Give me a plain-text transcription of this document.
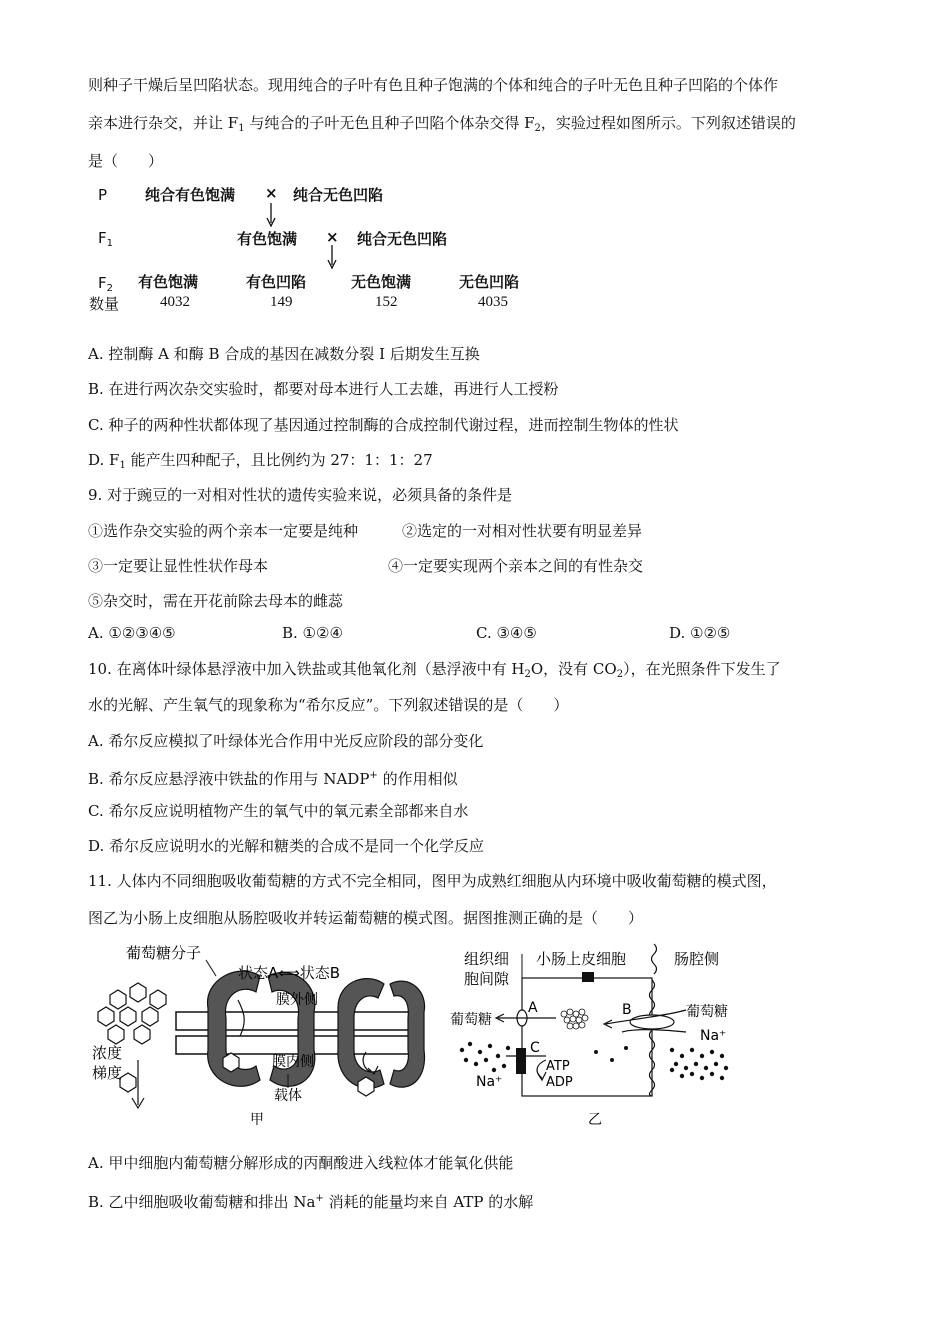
则种子干燥后呈凹陷状态。现用纯合的子叶有色且种子饱满的个体和纯合的子叶无色且种子凹陷的个体作
亲本进行杂交，并让 $F_1$ 与纯合的子叶无色且种子凹陷个体杂交得 $F_2$，实验过程如图所示。下列叙述错误的
是（　　）
P	纯合有色饱满 × 纯合无色凹陷
$F_1$	有色饱满 × 纯合无色凹陷
$F_2$
数量
有色饱满	有色凹陷	无色饱满	无色凹陷
4032	149	152	4035
A. 控制酶 A 和酶 B 合成的基因在减数分裂 I 后期发生互换
B. 在进行两次杂交实验时，都要对母本进行人工去雄，再进行人工授粉
C. 种子的两种性状都体现了基因通过控制酶的合成控制代谢过程，进而控制生物体的性状
D. $F_1$ 能产生四种配子，且比例约为 27：1：1：27
9. 对于豌豆的一对相对性状的遗传实验来说，必须具备的条件是
①选作杂交实验的两个亲本一定要是纯种	②选定的一对相对性状要有明显差异
③一定要让显性性状作母本	④一定要实现两个亲本之间的有性杂交
⑤杂交时，需在开花前除去母本的雌蕊
A. ①②③④⑤	B. ①②④	C. ③④⑤	D. ①②⑤
10. 在离体叶绿体悬浮液中加入铁盐或其他氧化剂（悬浮液中有 $H_2O$，没有 $CO_2$），在光照条件下发生了
水的光解、产生氧气的现象称为“希尔反应”。下列叙述错误的是（　　）
A. 希尔反应模拟了叶绿体光合作用中光反应阶段的部分变化
B. 希尔反应悬浮液中铁盐的作用与 NADP+ 的作用相似
C. 希尔反应说明植物产生的氧气中的氧元素全部都来自水
D. 希尔反应说明水的光解和糖类的合成不是同一个化学反应
11. 人体内不同细胞吸收葡萄糖的方式不完全相同，图甲为成熟红细胞从内环境中吸收葡萄糖的模式图，
图乙为小肠上皮细胞从肠腔吸收并转运葡萄糖的模式图。据图推测正确的是（　　）
葡萄糖分子
状态A⟺状态B
膜外侧
浓度
梯度
膜内侧
载体
甲
组织细
胞间隙
小肠上皮细胞	肠腔侧
葡萄糖
A	B	葡萄糖
Na⁺
C
ATP
ADP
Na⁺
乙
A. 甲中细胞内葡萄糖分解形成的丙酮酸进入线粒体才能氧化供能
B. 乙中细胞吸收葡萄糖和排出 Na+ 消耗的能量均来自 ATP 的水解
